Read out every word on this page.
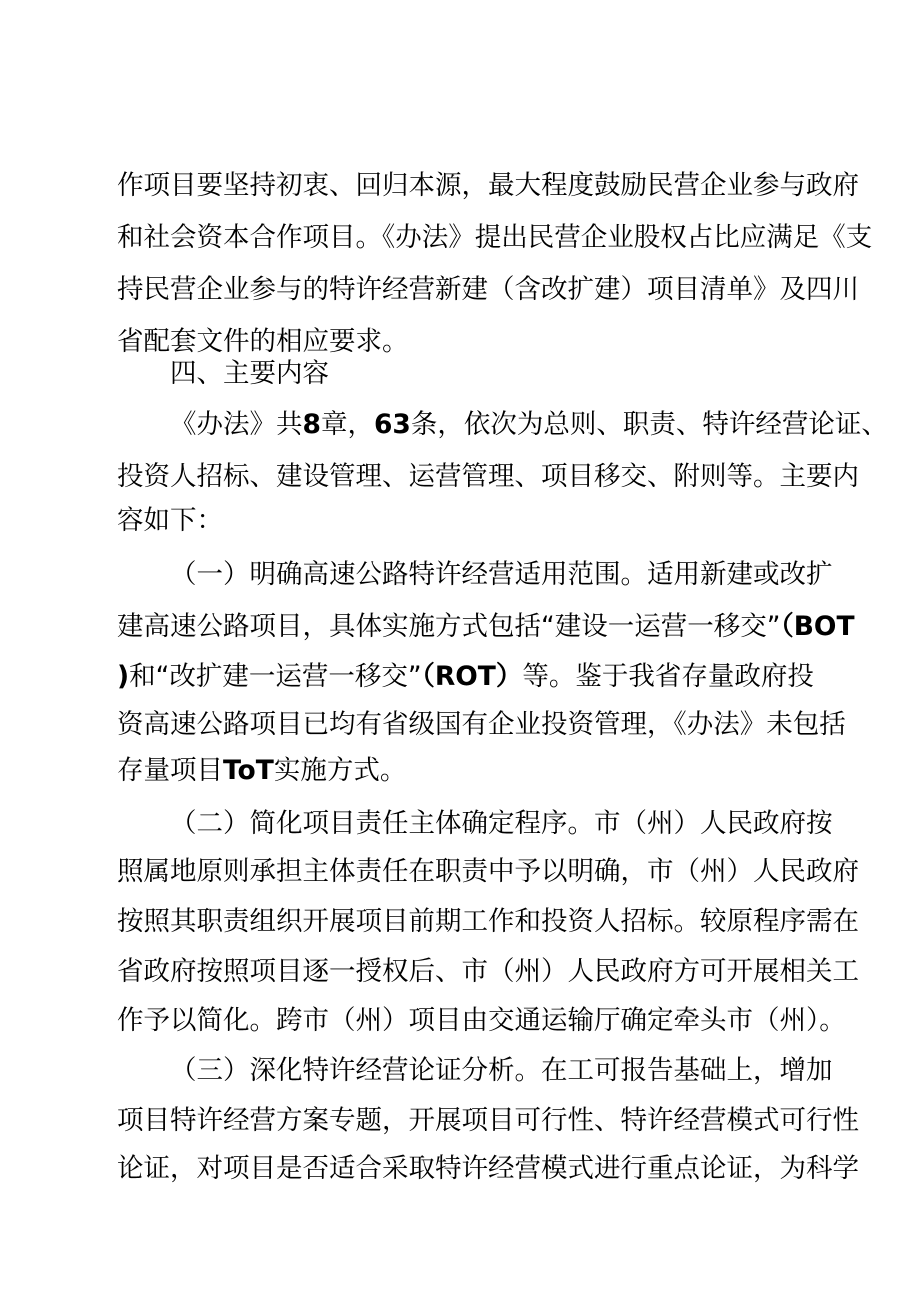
作项目要坚持初衷、回归本源，最大程度鼓励民营企业参与政府
和社会资本合作项目。《办法》提出民营企业股权占比应满足《支
持民营企业参与的特许经营新建（含改扩建）项目清单》及四川
省配套文件的相应要求。
四、主要内容
《办法》共8章，63条，依次为总则、职责、特许经营论证、
投资人招标、建设管理、运营管理、项目移交、附则等。主要内
容如下：
（一）明确高速公路特许经营适用范围。适用新建或改扩
建高速公路项目，具体实施方式包括“建设一运营一移交”（BOT
)和“改扩建一运营一移交”（ROT）等。鉴于我省存量政府投
资高速公路项目已均有省级国有企业投资管理，《办法》未包括
存量项目ToT实施方式。
（二）简化项目责任主体确定程序。市（州）人民政府按
照属地原则承担主体责任在职责中予以明确，市（州）人民政府
按照其职责组织开展项目前期工作和投资人招标。较原程序需在
省政府按照项目逐一授权后、市（州）人民政府方可开展相关工
作予以简化。跨市（州）项目由交通运输厅确定牵头市（州）。
（三）深化特许经营论证分析。在工可报告基础上，增加
项目特许经营方案专题，开展项目可行性、特许经营模式可行性
论证，对项目是否适合采取特许经营模式进行重点论证，为科学
